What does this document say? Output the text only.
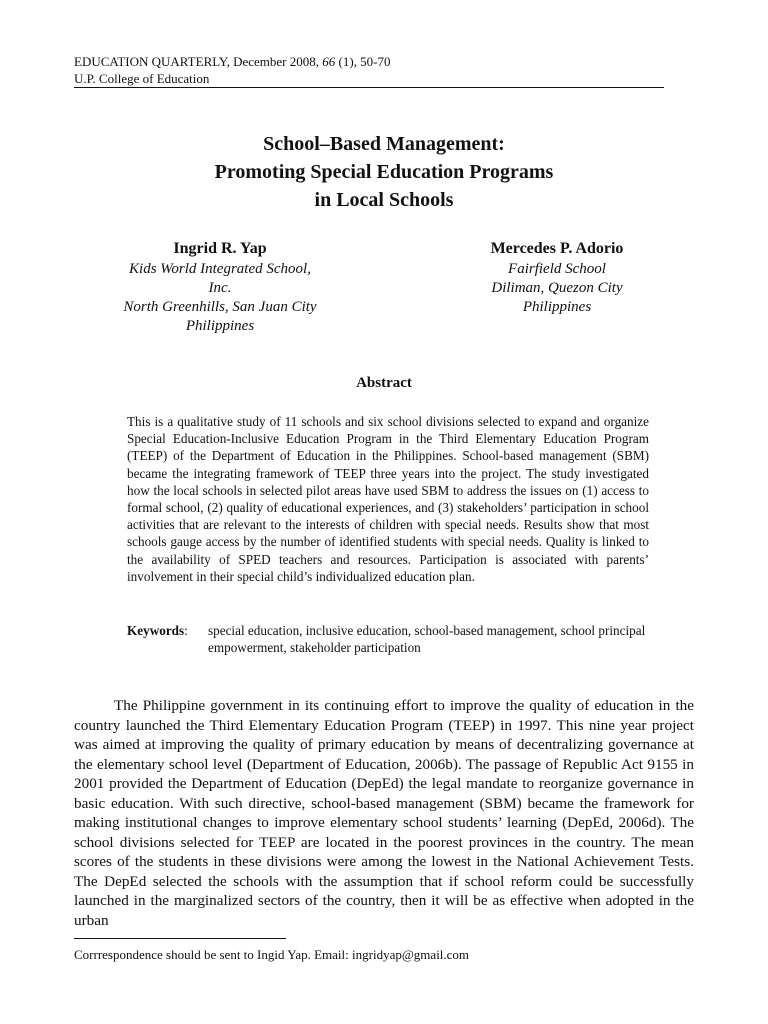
EDUCATION QUARTERLY, December 2008, 66 (1), 50-70
U.P. College of Education
School–Based Management:
Promoting Special Education Programs
in Local Schools
Ingrid R. Yap
Kids World Integrated School,
Inc.
North Greenhills, San Juan City
Philippines
Mercedes P. Adorio
Fairfield School
Diliman, Quezon City
Philippines
Abstract
This is a qualitative study of 11 schools and six school divisions selected to expand and organize Special Education-Inclusive Education Program in the Third Elementary Education Program (TEEP) of the Department of Education in the Philippines. School-based management (SBM) became the integrating framework of TEEP three years into the project. The study investigated how the local schools in selected pilot areas have used SBM to address the issues on (1) access to formal school, (2) quality of educational experiences, and (3) stakeholders’ participation in school activities that are relevant to the interests of children with special needs. Results show that most schools gauge access by the number of identified students with special needs. Quality is linked to the availability of SPED teachers and resources. Participation is associated with parents’ involvement in their special child’s individualized education plan.
Keywords: special education, inclusive education, school-based management, school principal empowerment, stakeholder participation
The Philippine government in its continuing effort to improve the quality of education in the country launched the Third Elementary Education Program (TEEP) in 1997. This nine year project was aimed at improving the quality of primary education by means of decentralizing governance at the elementary school level (Department of Education, 2006b). The passage of Republic Act 9155 in 2001 provided the Department of Education (DepEd) the legal mandate to reorganize governance in basic education. With such directive, school-based management (SBM) became the framework for making institutional changes to improve elementary school students’ learning (DepEd, 2006d). The school divisions selected for TEEP are located in the poorest provinces in the country. The mean scores of the students in these divisions were among the lowest in the National Achievement Tests. The DepEd selected the schools with the assumption that if school reform could be successfully launched in the marginalized sectors of the country, then it will be as effective when adopted in the urban
Corrrespondence should be sent to Ingid Yap. Email: ingridyap@gmail.com
